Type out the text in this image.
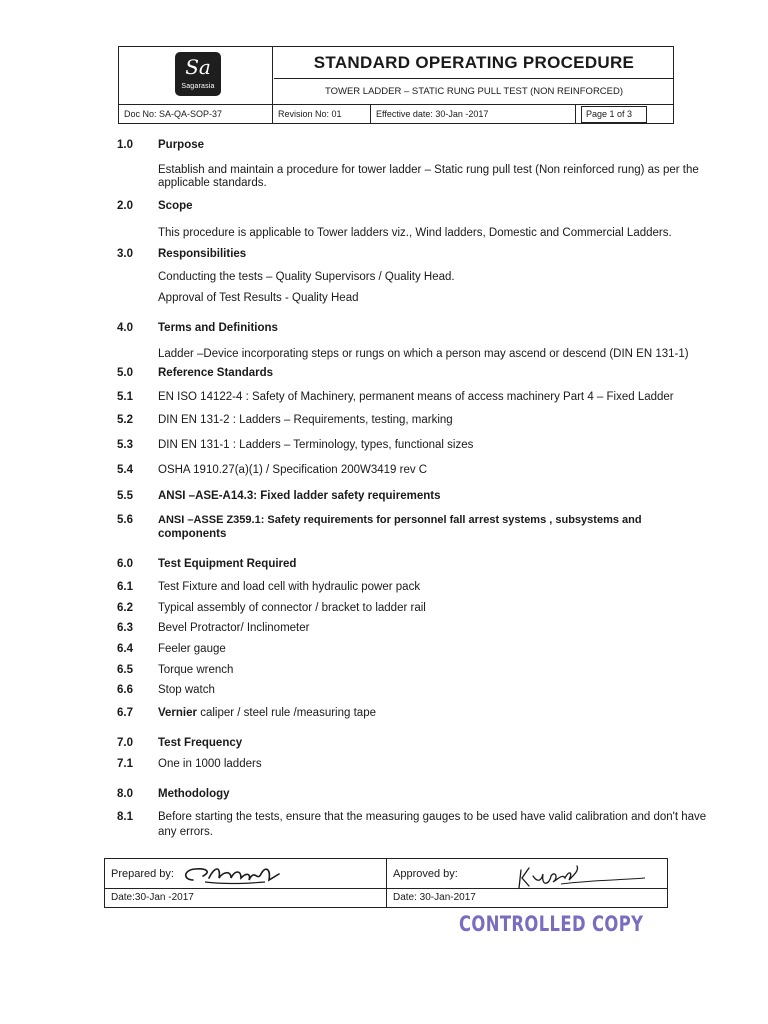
Sa
Sagarasia
STANDARD OPERATING PROCEDURE
TOWER LADDER – STATIC RUNG PULL TEST (NON REINFORCED)
Doc No: SA-QA-SOP-37	Revision No: 01	Effective date: 30-Jan -2017	Page 1 of 3
1.0 Purpose
Establish and maintain a procedure for tower ladder – Static rung pull test (Non reinforced rung) as per the
applicable standards.
2.0 Scope
This procedure is applicable to Tower ladders viz., Wind ladders, Domestic and Commercial Ladders.
3.0 Responsibilities
Conducting the tests – Quality Supervisors / Quality Head.
Approval of Test Results - Quality Head
4.0 Terms and Definitions
Ladder –Device incorporating steps or rungs on which a person may ascend or descend (DIN EN 131-1)
5.0 Reference Standards
5.1 EN ISO 14122-4 : Safety of Machinery, permanent means of access machinery Part 4 – Fixed Ladder
5.2 DIN EN 131-2 : Ladders – Requirements, testing, marking
5.3 DIN EN 131-1 : Ladders – Terminology, types, functional sizes
5.4 OSHA 1910.27(a)(1) / Specification 200W3419 rev C
5.5 ANSI –ASE-A14.3: Fixed ladder safety requirements
5.6 ANSI –ASSE Z359.1: Safety requirements for personnel fall arrest systems , subsystems and
components
6.0 Test Equipment Required
6.1 Test Fixture and load cell with hydraulic power pack
6.2 Typical assembly of connector / bracket to ladder rail
6.3 Bevel Protractor/ Inclinometer
6.4 Feeler gauge
6.5 Torque wrench
6.6 Stop watch
6.7 Vernier caliper / steel rule /measuring tape
7.0 Test Frequency
7.1 One in 1000 ladders
8.0 Methodology
8.1 Before starting the tests, ensure that the measuring gauges to be used have valid calibration and don't have
any errors.
Prepared by:	Approved by:
Date:30-Jan -2017	Date: 30-Jan-2017
CONTROLLED COPY
